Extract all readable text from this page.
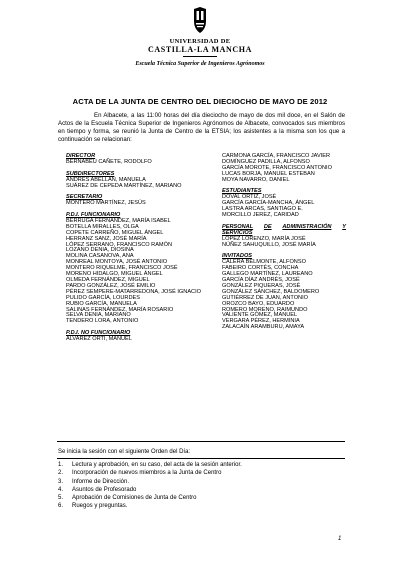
UNIVERSIDAD DE
CASTILLA-LA MANCHA
Escuela Técnica Superior de Ingenieros Agrónomos
ACTA DE LA JUNTA DE CENTRO DEL DIECIOCHO DE MAYO DE 2012

En Albacete, a las 11:00 horas del día dieciocho de mayo de dos mil doce, en el Salón de Actos de la Escuela Técnica Superior de Ingenieros Agrónomos de Albacete, convocados sus miembros en tiempo y forma, se reunió la Junta de Centro de la ETSIA; los asistentes a la misma son los que a continuación se relacionan:

DIRECTOR
BERNABEU CAÑETE, RODOLFO
SUBDIRECTORES
ANDRÉS ABELLÁN, MANUELA
SUÁREZ DE CEPEDA MARTÍNEZ, MARIANO
SECRETARIO
MONTERO MARTÍNEZ, JESÚS
P.D.I. FUNCIONARIO
BERRUGA FERNÁNDEZ, MARÍA ISABEL
BOTELLA MIRALLES, OLGA
COPETE CARREÑO, MIGUEL ÁNGEL
HERRANZ SANZ, JOSÉ MARÍA
LÓPEZ SERRANO, FRANCISCO RAMÓN
LOZANO DENIA, DIOSINA
MOLINA CASANOVA, ANA
MONREAL MONTOYA, JOSÉ ANTONIO
MONTERO RIQUELME, FRANCISCO JOSÉ
MORENO HIDALGO, MIGUEL ÁNGEL
OLMEDA FERNÁNDEZ, MIGUEL
PARDO GONZÁLEZ, JOSÉ EMILIO
PÉREZ SEMPERE-MATARREDONA, JOSÉ IGNACIO
PULIDO GARCÍA, LOURDES
RUBIO GARCÍA, MANUELA
SALINAS FERNÁNDEZ, MARÍA ROSARIO
SELVA DENIA, MARIANO
TENDERO LORA, ANTONIO
P.D.I. NO FUNCIONARIO
ÁLVAREZ ORTÍ, MANUEL
CARMONA GARCÍA, FRANCISCO JAVIER
DOMÍNGUEZ PADILLA, ALFONSO
GARCÍA MOROTE, FRANCISCO ANTONIO
LUCAS BORJA, MANUEL ESTEBAN
MOYA NAVARRO, DANIEL
ESTUDIANTES
DOVAL ORTIZ, JOSÉ
GARCÍA GARCÍA-MANCHA, ÁNGEL
LASTRA ARCAS, SANTIAGO E.
MORCILLO JEREZ, CARIDAD
PERSONAL DE ADMINISTRACIÓN Y
SERVICIOS
LÓPEZ LORENZO, MARÍA JOSÉ
NÚÑEZ SAHUQUILLO, JOSÉ MARÍA
INVITADOS
CALERA BELMONTE, ALFONSO
FABEIRO CORTÉS, CONCHA
GALLEGO MARTÍNEZ, LAUREANO
GARCÍA DÍAZ ANDRÉS, JOSÉ
GONZÁLEZ PIQUERAS, JOSÉ
GONZÁLEZ SÁNCHEZ, BALDOMERO
GUTIÉRREZ DE JUAN, ANTONIO
OROZCO BAYO, EDUARDO
ROMERO MORENO, RAIMUNDO
VALIENTE GÓMEZ, MANUEL
VERGARA PÉREZ, HERMINIA
ZALACAÍN ARAMBURU, AMAYA
Se inicia la sesión con el siguiente Orden del Día:
1. Lectura y aprobación, en su caso, del acta de la sesión anterior.
2. Incorporación de nuevos miembros a la Junta de Centro
3. Informe de Dirección.
4. Asuntos de Profesorado
5. Aprobación de Comisiones de Junta de Centro
6. Ruegos y preguntas.
1
